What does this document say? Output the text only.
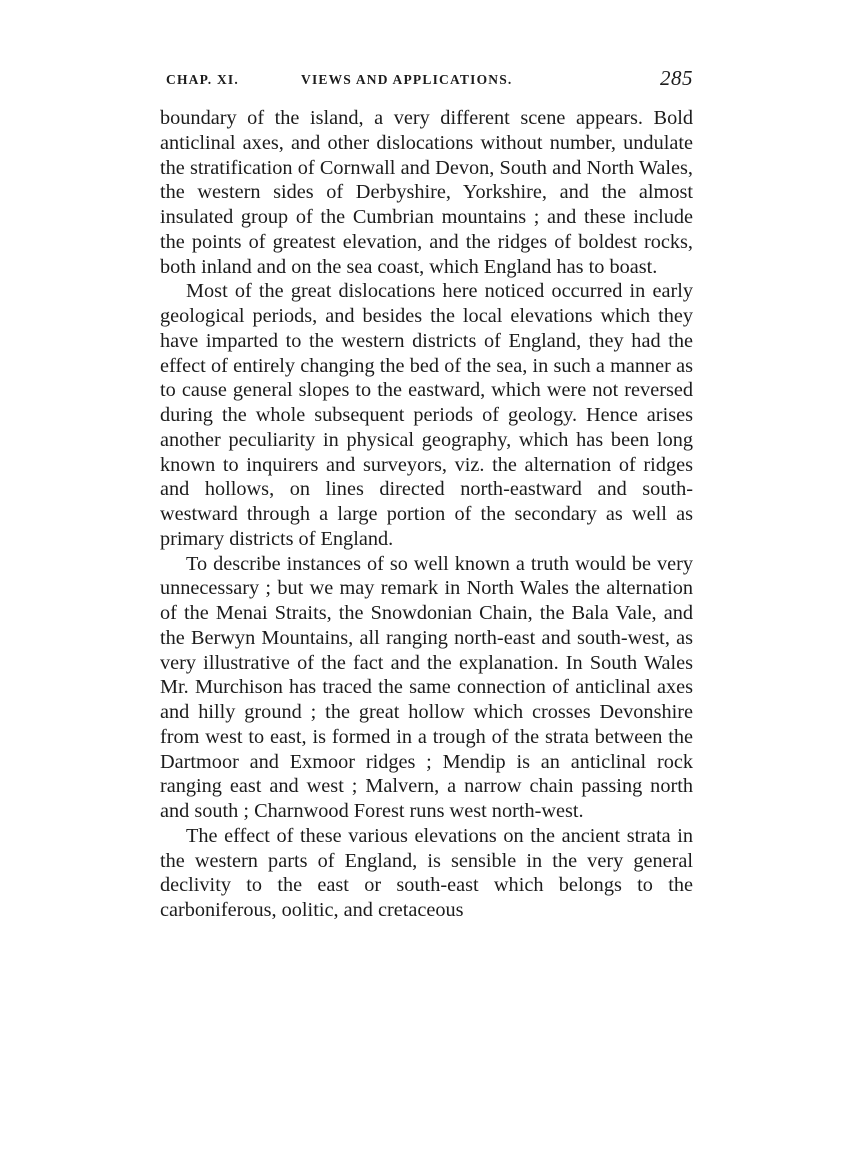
CHAP. XI.	VIEWS AND APPLICATIONS.	285

boundary of the island, a very different scene appears. Bold anticlinal axes, and other dislocations without number, undulate the stratification of Cornwall and Devon, South and North Wales, the western sides of Derbyshire, Yorkshire, and the almost insulated group of the Cumbrian mountains ; and these include the points of greatest elevation, and the ridges of boldest rocks, both inland and on the sea coast, which England has to boast.

Most of the great dislocations here noticed occurred in early geological periods, and besides the local elevations which they have imparted to the western districts of England, they had the effect of entirely changing the bed of the sea, in such a manner as to cause general slopes to the eastward, which were not reversed during the whole subsequent periods of geology. Hence arises another peculiarity in physical geography, which has been long known to inquirers and surveyors, viz. the alternation of ridges and hollows, on lines directed north-eastward and south-westward through a large portion of the secondary as well as primary districts of England.

To describe instances of so well known a truth would be very unnecessary ; but we may remark in North Wales the alternation of the Menai Straits, the Snowdonian Chain, the Bala Vale, and the Berwyn Mountains, all ranging north-east and south-west, as very illustrative of the fact and the explanation. In South Wales Mr. Murchison has traced the same connection of anticlinal axes and hilly ground ; the great hollow which crosses Devonshire from west to east, is formed in a trough of the strata between the Dartmoor and Exmoor ridges ; Mendip is an anticlinal rock ranging east and west ; Malvern, a narrow chain passing north and south ; Charnwood Forest runs west north-west.

The effect of these various elevations on the ancient strata in the western parts of England, is sensible in the very general declivity to the east or south-east which belongs to the carboniferous, oolitic, and cretaceous
